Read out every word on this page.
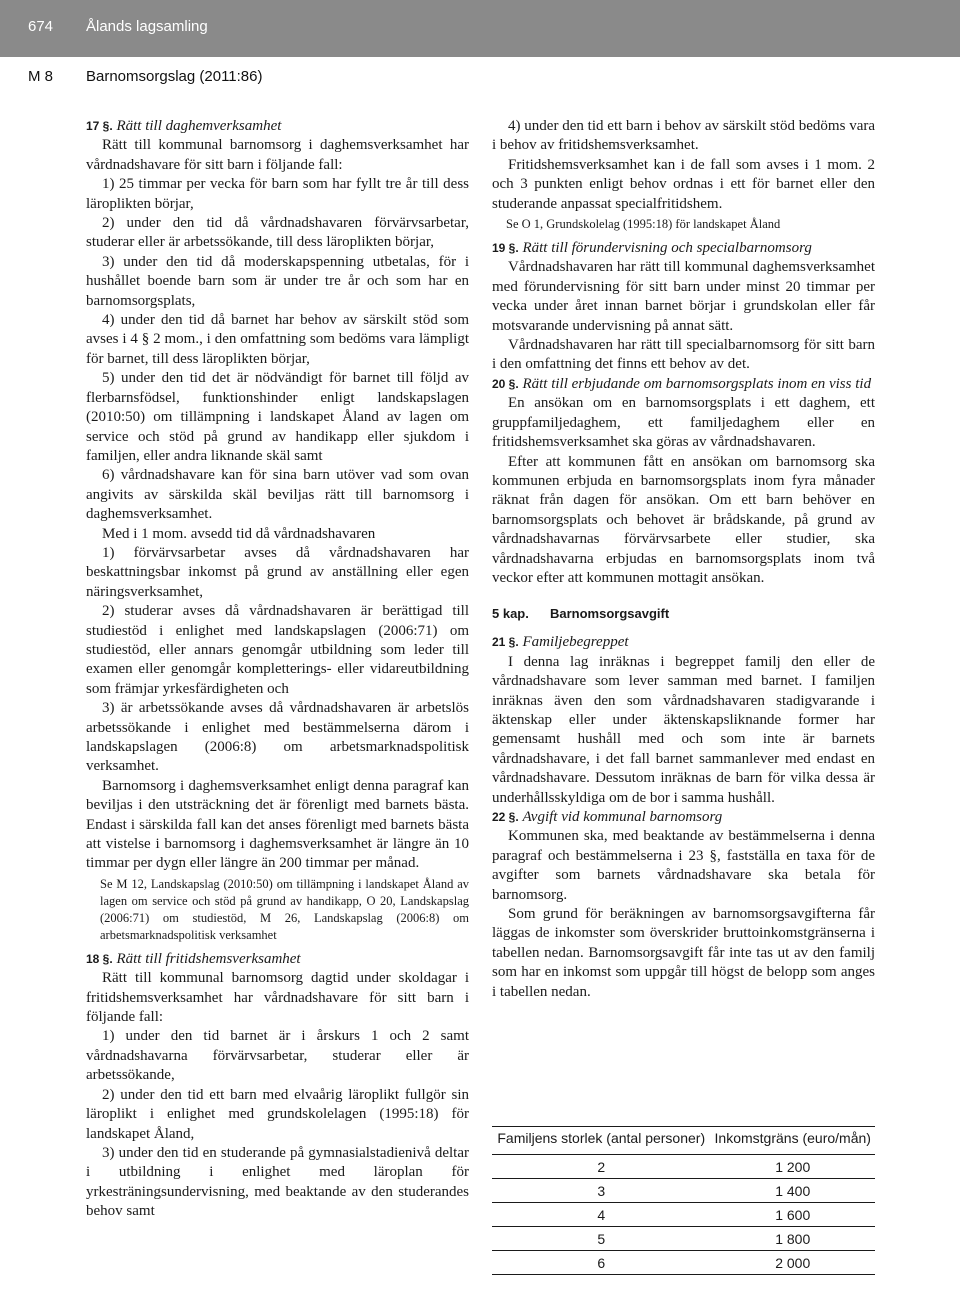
674 Ålands lagsamling
M 8 Barnomsorgslag (2011:86)

17 §. Rätt till daghemverksamhet

Rätt till kommunal barnomsorg i daghemsverksamhet har vårdnadshavare för sitt barn i följande fall:

1) 25 timmar per vecka för barn som har fyllt tre år till dess läroplikten börjar,

2) under den tid då vårdnadshavaren förvärvsarbetar, studerar eller är arbetssökande, till dess läroplikten börjar,

3) under den tid då moderskapspenning utbetalas, för i hushållet boende barn som är under tre år och som har en barnomsorgsplats,

4) under den tid då barnet har behov av särskilt stöd som avses i 4 § 2 mom., i den omfattning som bedöms vara lämpligt för barnet, till dess läroplikten börjar,

5) under den tid det är nödvändigt för barnet till följd av flerbarnsfödsel, funktionshinder enligt landskapslagen (2010:50) om tillämpning i landskapet Åland av lagen om service och stöd på grund av handikapp eller sjukdom i familjen, eller andra liknande skäl samt

6) vårdnadshavare kan för sina barn utöver vad som ovan angivits av särskilda skäl beviljas rätt till barnomsorg i daghemsverksamhet.

Med i 1 mom. avsedd tid då vårdnadshavaren

1) förvärvsarbetar avses då vårdnadshavaren har beskattningsbar inkomst på grund av anställning eller egen näringsverksamhet,

2) studerar avses då vårdnadshavaren är berättigad till studiestöd i enlighet med landskapslagen (2006:71) om studiestöd, eller annars genomgår utbildning som leder till examen eller genomgår kompletterings- eller vidareutbildning som främjar yrkesfärdigheten och

3) är arbetssökande avses då vårdnadshavaren är arbetslös arbetssökande i enlighet med bestämmelserna därom i landskapslagen (2006:8) om arbetsmarknadspolitisk verksamhet.

Barnomsorg i daghemsverksamhet enligt denna paragraf kan beviljas i den utsträckning det är förenligt med barnets bästa. Endast i särskilda fall kan det anses förenligt med barnets bästa att vistelse i barnomsorg i daghemsverksamhet är längre än 10 timmar per dygn eller längre än 200 timmar per månad.

Se M 12, Landskapslag (2010:50) om tillämpning i landskapet Åland av lagen om service och stöd på grund av handikapp, O 20, Landskapslag (2006:71) om studiestöd, M 26, Landskapslag (2006:8) om arbetsmarknadspolitisk verksamhet

18 §. Rätt till fritidshemsverksamhet

Rätt till kommunal barnomsorg dagtid under skoldagar i fritidshemsverksamhet har vårdnadshavare för sitt barn i följande fall:

1) under den tid barnet är i årskurs 1 och 2 samt vårdnadshavarna förvärvsarbetar, studerar eller är arbetssökande,

2) under den tid ett barn med elvaårig läroplikt fullgör sin läroplikt i enlighet med grundskolelagen (1995:18) för landskapet Åland,

3) under den tid en studerande på gymnasialstadienivå deltar i utbildning i enlighet med läroplan för yrkesträningsundervisning, med beaktande av den studerandes behov samt

4) under den tid ett barn i behov av särskilt stöd bedöms vara i behov av fritidshemsverksamhet.

Fritidshemsverksamhet kan i de fall som avses i 1 mom. 2 och 3 punkten enligt behov ordnas i ett för barnet eller den studerande anpassat specialfritidshem.

Se O 1, Grundskolelag (1995:18) för landskapet Åland

19 §. Rätt till förundervisning och specialbarnomsorg

Vårdnadshavaren har rätt till kommunal daghemsverksamhet med förundervisning för sitt barn under minst 20 timmar per vecka under året innan barnet börjar i grundskolan eller får motsvarande undervisning på annat sätt.

Vårdnadshavaren har rätt till specialbarnomsorg för sitt barn i den omfattning det finns ett behov av det.

20 §. Rätt till erbjudande om barnomsorgsplats inom en viss tid

En ansökan om en barnomsorgsplats i ett daghem, ett gruppfamiljedaghem, ett familjedaghem eller en fritidshemsverksamhet ska göras av vårdnadshavaren.

Efter att kommunen fått en ansökan om barnomsorg ska kommunen erbjuda en barnomsorgsplats inom fyra månader räknat från dagen för ansökan. Om ett barn behöver en barnomsorgsplats och behovet är brådskande, på grund av vårdnadshavarnas förvärvsarbete eller studier, ska vårdnadshavarna erbjudas en barnomsorgsplats inom två veckor efter att kommunen mottagit ansökan.

5 kap. Barnomsorgsavgift

21 §. Familjebegreppet

I denna lag inräknas i begreppet familj den eller de vårdnadshavare som lever samman med barnet. I familjen inräknas även den som vårdnadshavaren stadigvarande i äktenskap eller under äktenskapsliknande former har gemensamt hushåll med och som inte är barnets vårdnadshavare, i det fall barnet sammanlever med endast en vårdnadshavare. Dessutom inräknas de barn för vilka dessa är underhållsskyldiga om de bor i samma hushåll.

22 §. Avgift vid kommunal barnomsorg

Kommunen ska, med beaktande av bestämmelserna i denna paragraf och bestämmelserna i 23 §, fastställa en taxa för de avgifter som barnets vårdnadshavare ska betala för barnomsorg.

Som grund för beräkningen av barnomsorgsavgifterna får läggas de inkomster som överskrider bruttoinkomstgränserna i tabellen nedan. Barnomsorgsavgift får inte tas ut av den familj som har en inkomst som uppgår till högst de belopp som anges i tabellen nedan.

Familjens storlek (antal personer)	Inkomstgräns (euro/mån)
2	1 200
3	1 400
4	1 600
5	1 800
6	2 000
